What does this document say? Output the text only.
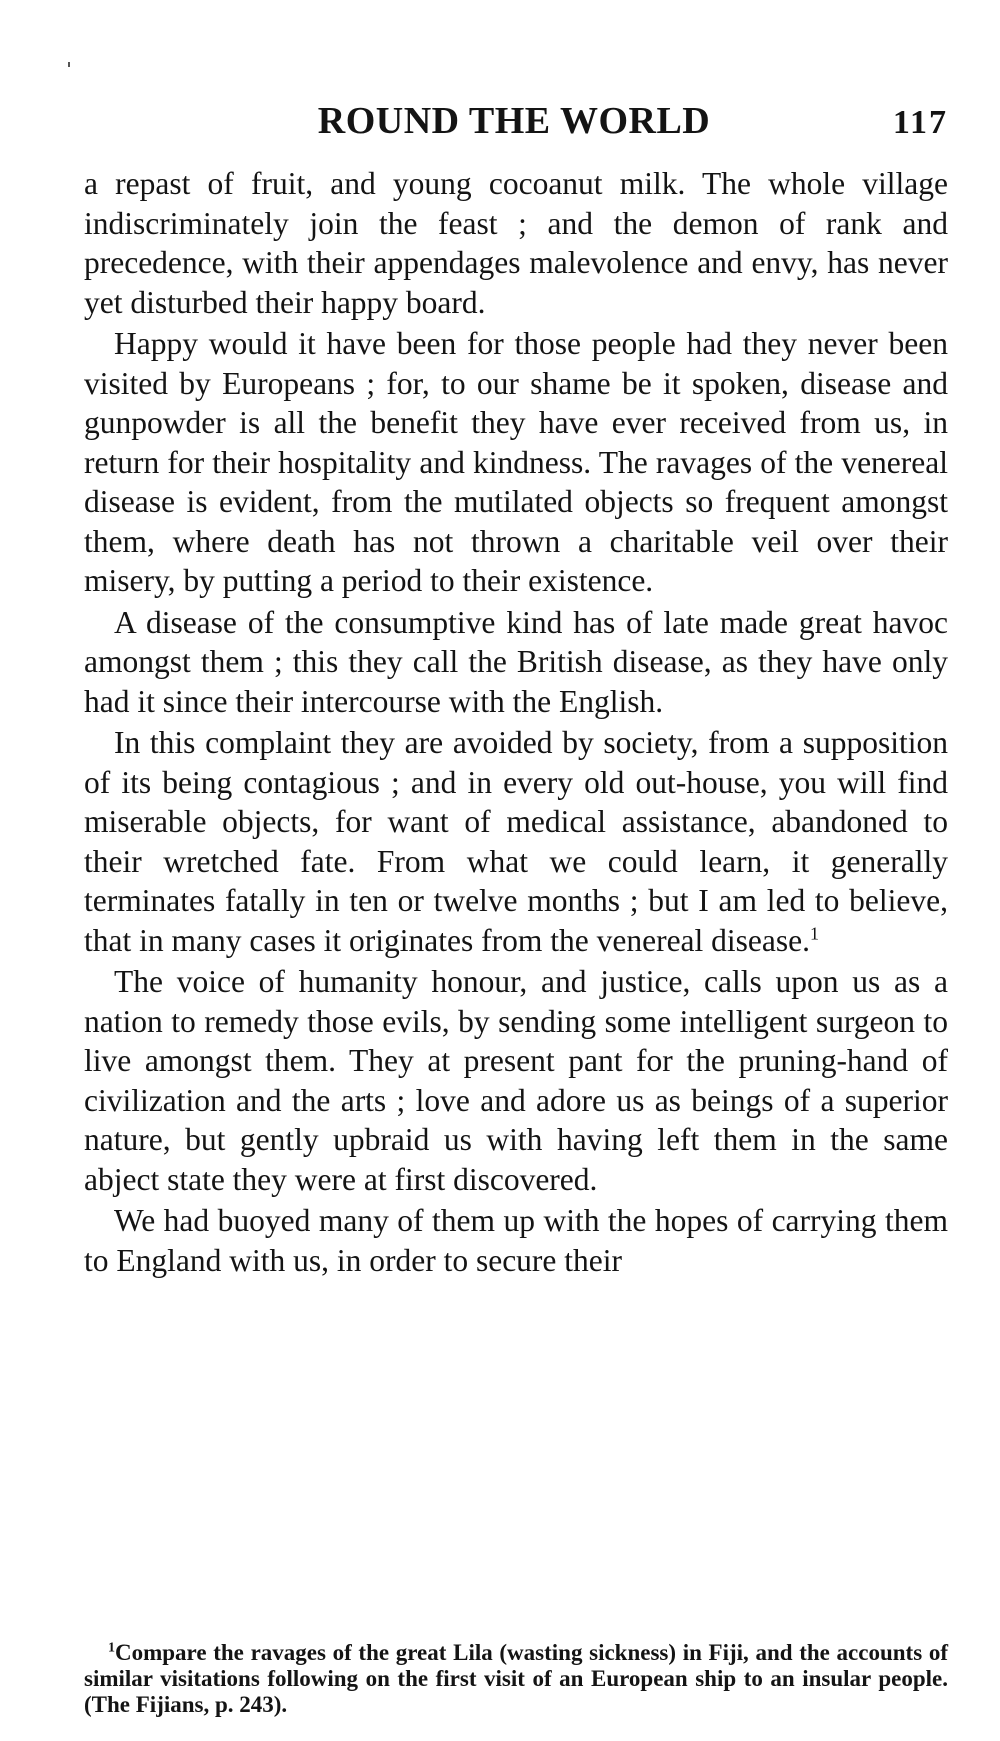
ROUND THE WORLD	117

a repast of fruit, and young cocoanut milk. The whole village indiscriminately join the feast ; and the demon of rank and precedence, with their appendages malevolence and envy, has never yet disturbed their happy board.

Happy would it have been for those people had they never been visited by Europeans ; for, to our shame be it spoken, disease and gunpowder is all the benefit they have ever received from us, in return for their hospitality and kindness. The ravages of the venereal disease is evident, from the mutilated objects so frequent amongst them, where death has not thrown a charitable veil over their misery, by putting a period to their existence.

A disease of the consumptive kind has of late made great havoc amongst them ; this they call the British disease, as they have only had it since their intercourse with the English.

In this complaint they are avoided by society, from a supposition of its being contagious ; and in every old out-house, you will find miserable objects, for want of medical assistance, abandoned to their wretched fate. From what we could learn, it generally terminates fatally in ten or twelve months ; but I am led to believe, that in many cases it originates from the venereal disease.$^1$

The voice of humanity honour, and justice, calls upon us as a nation to remedy those evils, by sending some intelligent surgeon to live amongst them. They at present pant for the pruning-hand of civilization and the arts ; love and adore us as beings of a superior nature, but gently upbraid us with having left them in the same abject state they were at first discovered.

We had buoyed many of them up with the hopes of carrying them to England with us, in order to secure their

$^1$Compare the ravages of the great Lila (wasting sickness) in Fiji, and the accounts of similar visitations following on the first visit of an European ship to an insular people. (The Fijians, p. 243).
